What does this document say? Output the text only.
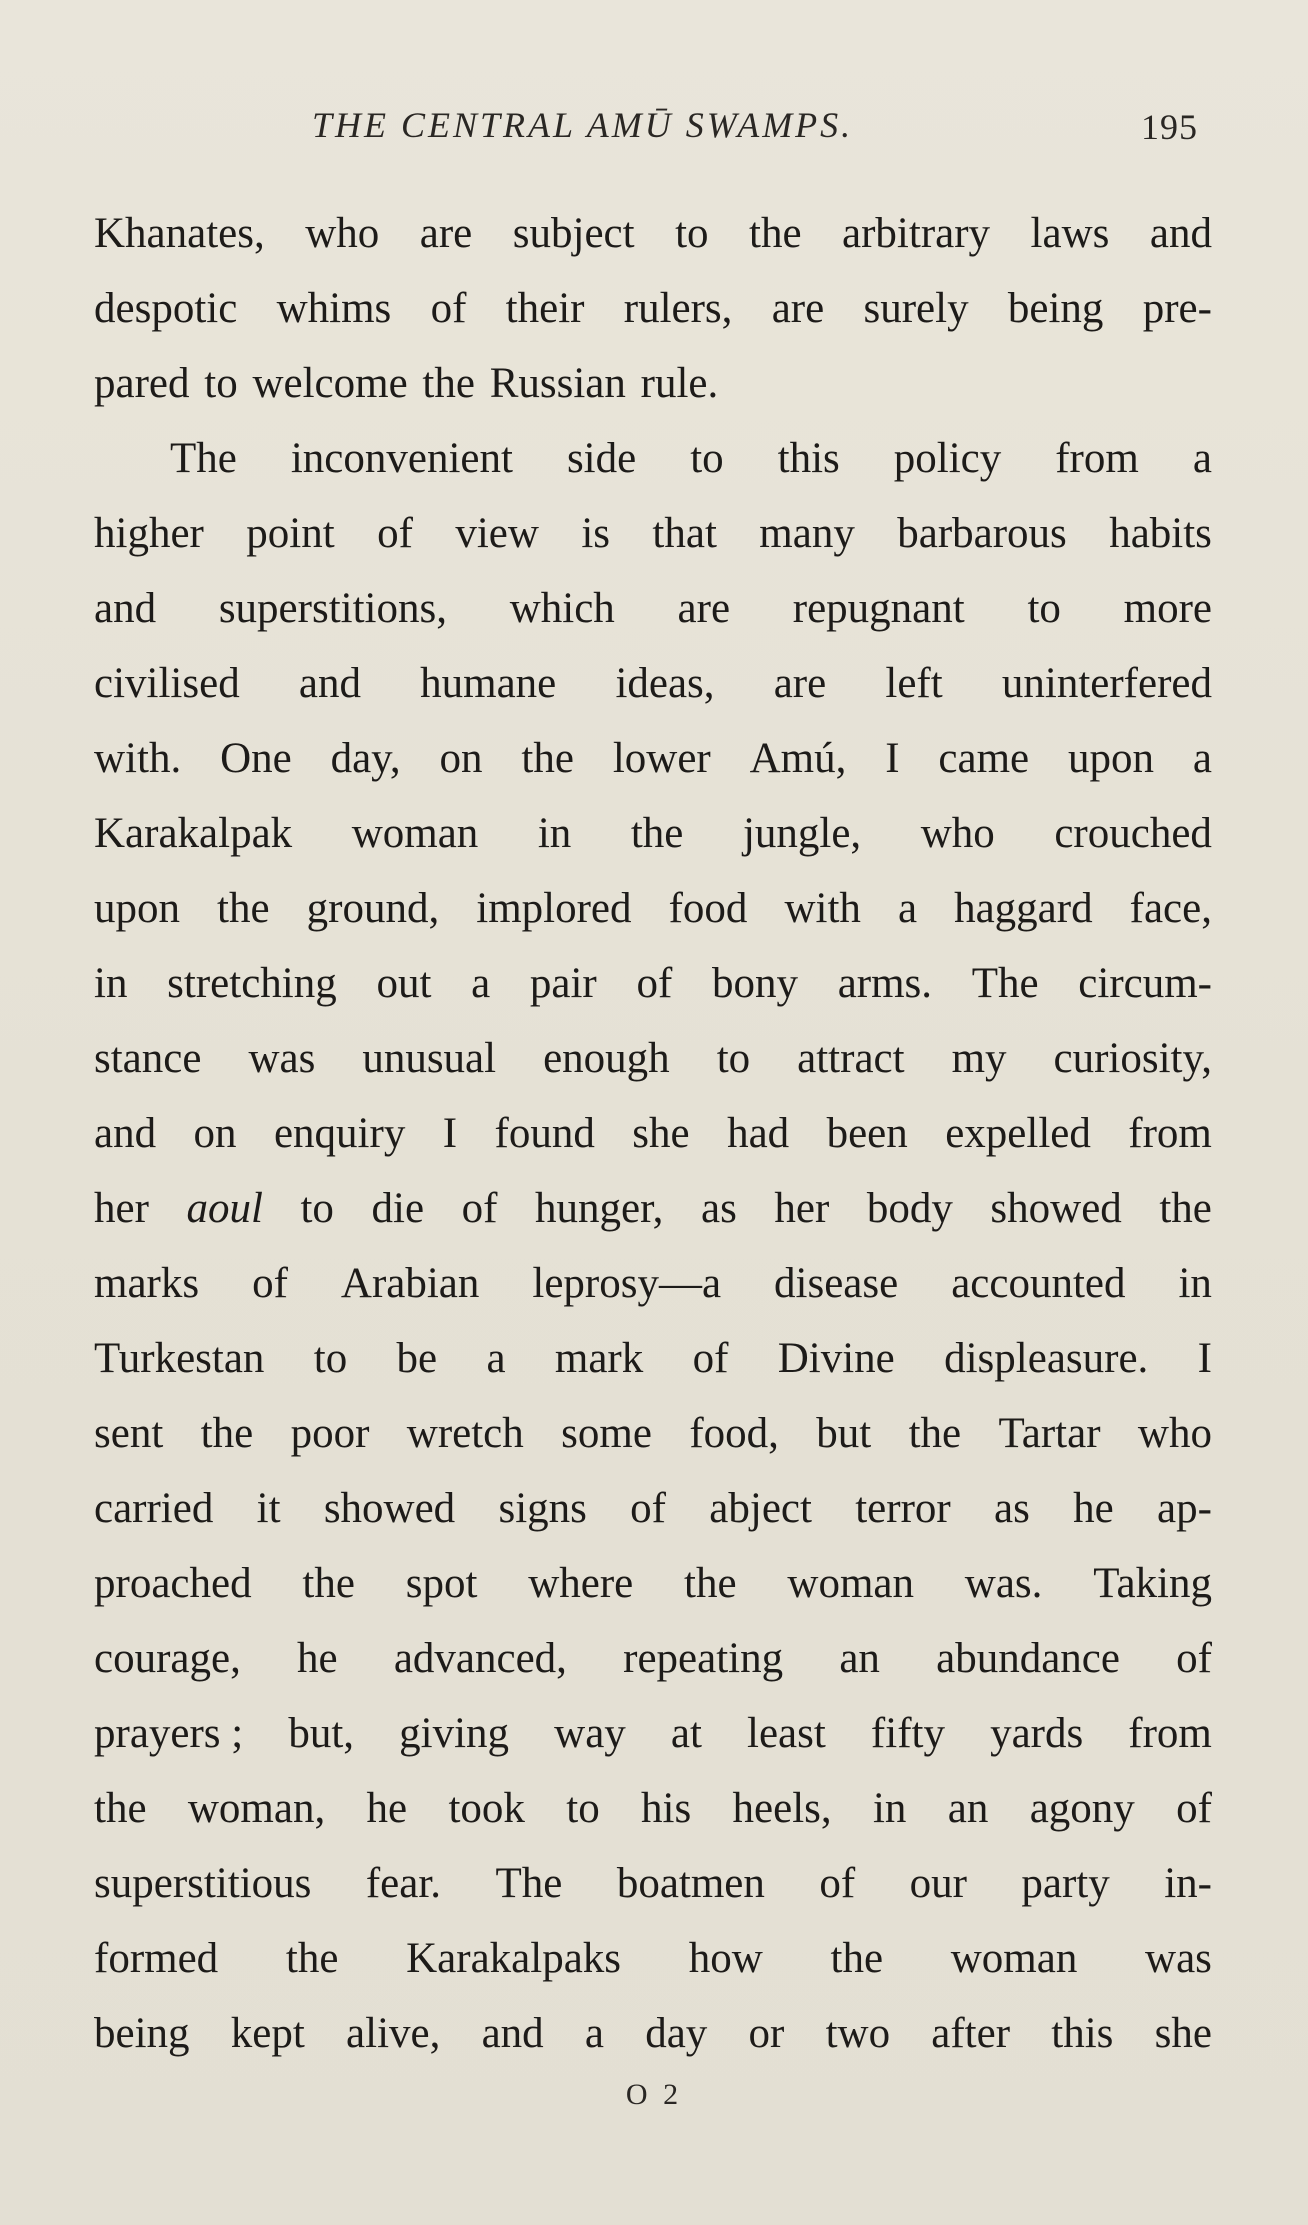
THE CENTRAL AMŪ SWAMPS.	195
Khanates, who are subject to the arbitrary laws and
despotic whims of their rulers, are surely being pre-
pared
to
welcome
the
Russian
rule.
The inconvenient side to this policy from a
higher point of view is that many barbarous habits
and superstitions, which are repugnant to more
civilised and humane ideas, are left uninterfered
with. One day, on the lower Amú, I came upon a
Karakalpak woman in the jungle, who crouched
upon the ground, implored food with a haggard face,
in stretching out a pair of bony arms. The circum-
stance was unusual enough to attract my curiosity,
and on enquiry I found she had been expelled from
her aoul to die of hunger, as her body showed the
marks of Arabian leprosy—a disease accounted in
Turkestan to be a mark of Divine displeasure. I
sent the poor wretch some food, but the Tartar who
carried it showed signs of abject terror as he ap-
proached the spot where the woman was. Taking
courage, he advanced, repeating an abundance of
prayers ; but, giving way at least fifty yards from
the woman, he took to his heels, in an agony of
superstitious fear. The boatmen of our party in-
formed the Karakalpaks how the woman was
being kept alive, and a day or two after this she
O 2
